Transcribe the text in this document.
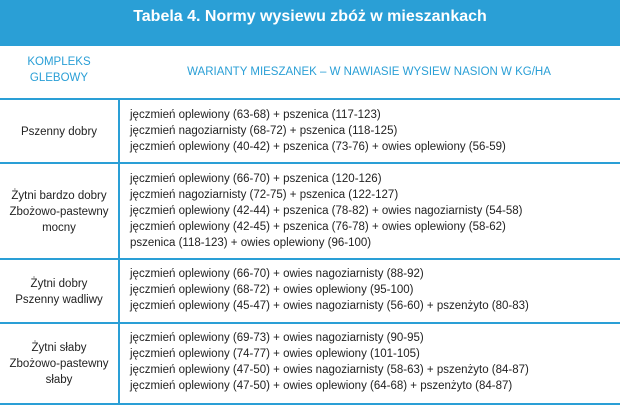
Tabela 4. Normy wysiewu zbóż w mieszankach
KOMPLEKS
GLEBOWY	WARIANTY MIESZANEK – W NAWIASIE WYSIEW NASION W KG/HA
Pszenny dobry
jęczmień oplewiony (63-68) + pszenica (117-123)
jęczmień nagoziarnisty (68-72) + pszenica (118-125)
jęczmień oplewiony (40-42) + pszenica (73-76) + owies oplewiony (56-59)
Żytni bardzo dobry
Zbożowo-pastewny
mocny
jęczmień oplewiony (66-70) + pszenica (120-126)
jęczmień nagoziarnisty (72-75) + pszenica (122-127)
jęczmień oplewiony (42-44) + pszenica (78-82) + owies nagoziarnisty (54-58)
jęczmień oplewiony (42-45) + pszenica (76-78) + owies oplewiony (58-62)
pszenica (118-123) + owies oplewiony (96-100)
Żytni dobry
Pszenny wadliwy
jęczmień oplewiony (66-70) + owies nagoziarnisty (88-92)
jęczmień oplewiony (68-72) + owies oplewiony (95-100)
jęczmień oplewiony (45-47) + owies nagoziarnisty (56-60) + pszenżyto (80-83)
Żytni słaby
Zbożowo-pastewny
słaby
jęczmień oplewiony (69-73) + owies nagoziarnisty (90-95)
jęczmień oplewiony (74-77) + owies oplewiony (101-105)
jęczmień oplewiony (47-50) + owies nagoziarnisty (58-63) + pszenżyto (84-87)
jęczmień oplewiony (47-50) + owies oplewiony (64-68) + pszenżyto (84-87)
